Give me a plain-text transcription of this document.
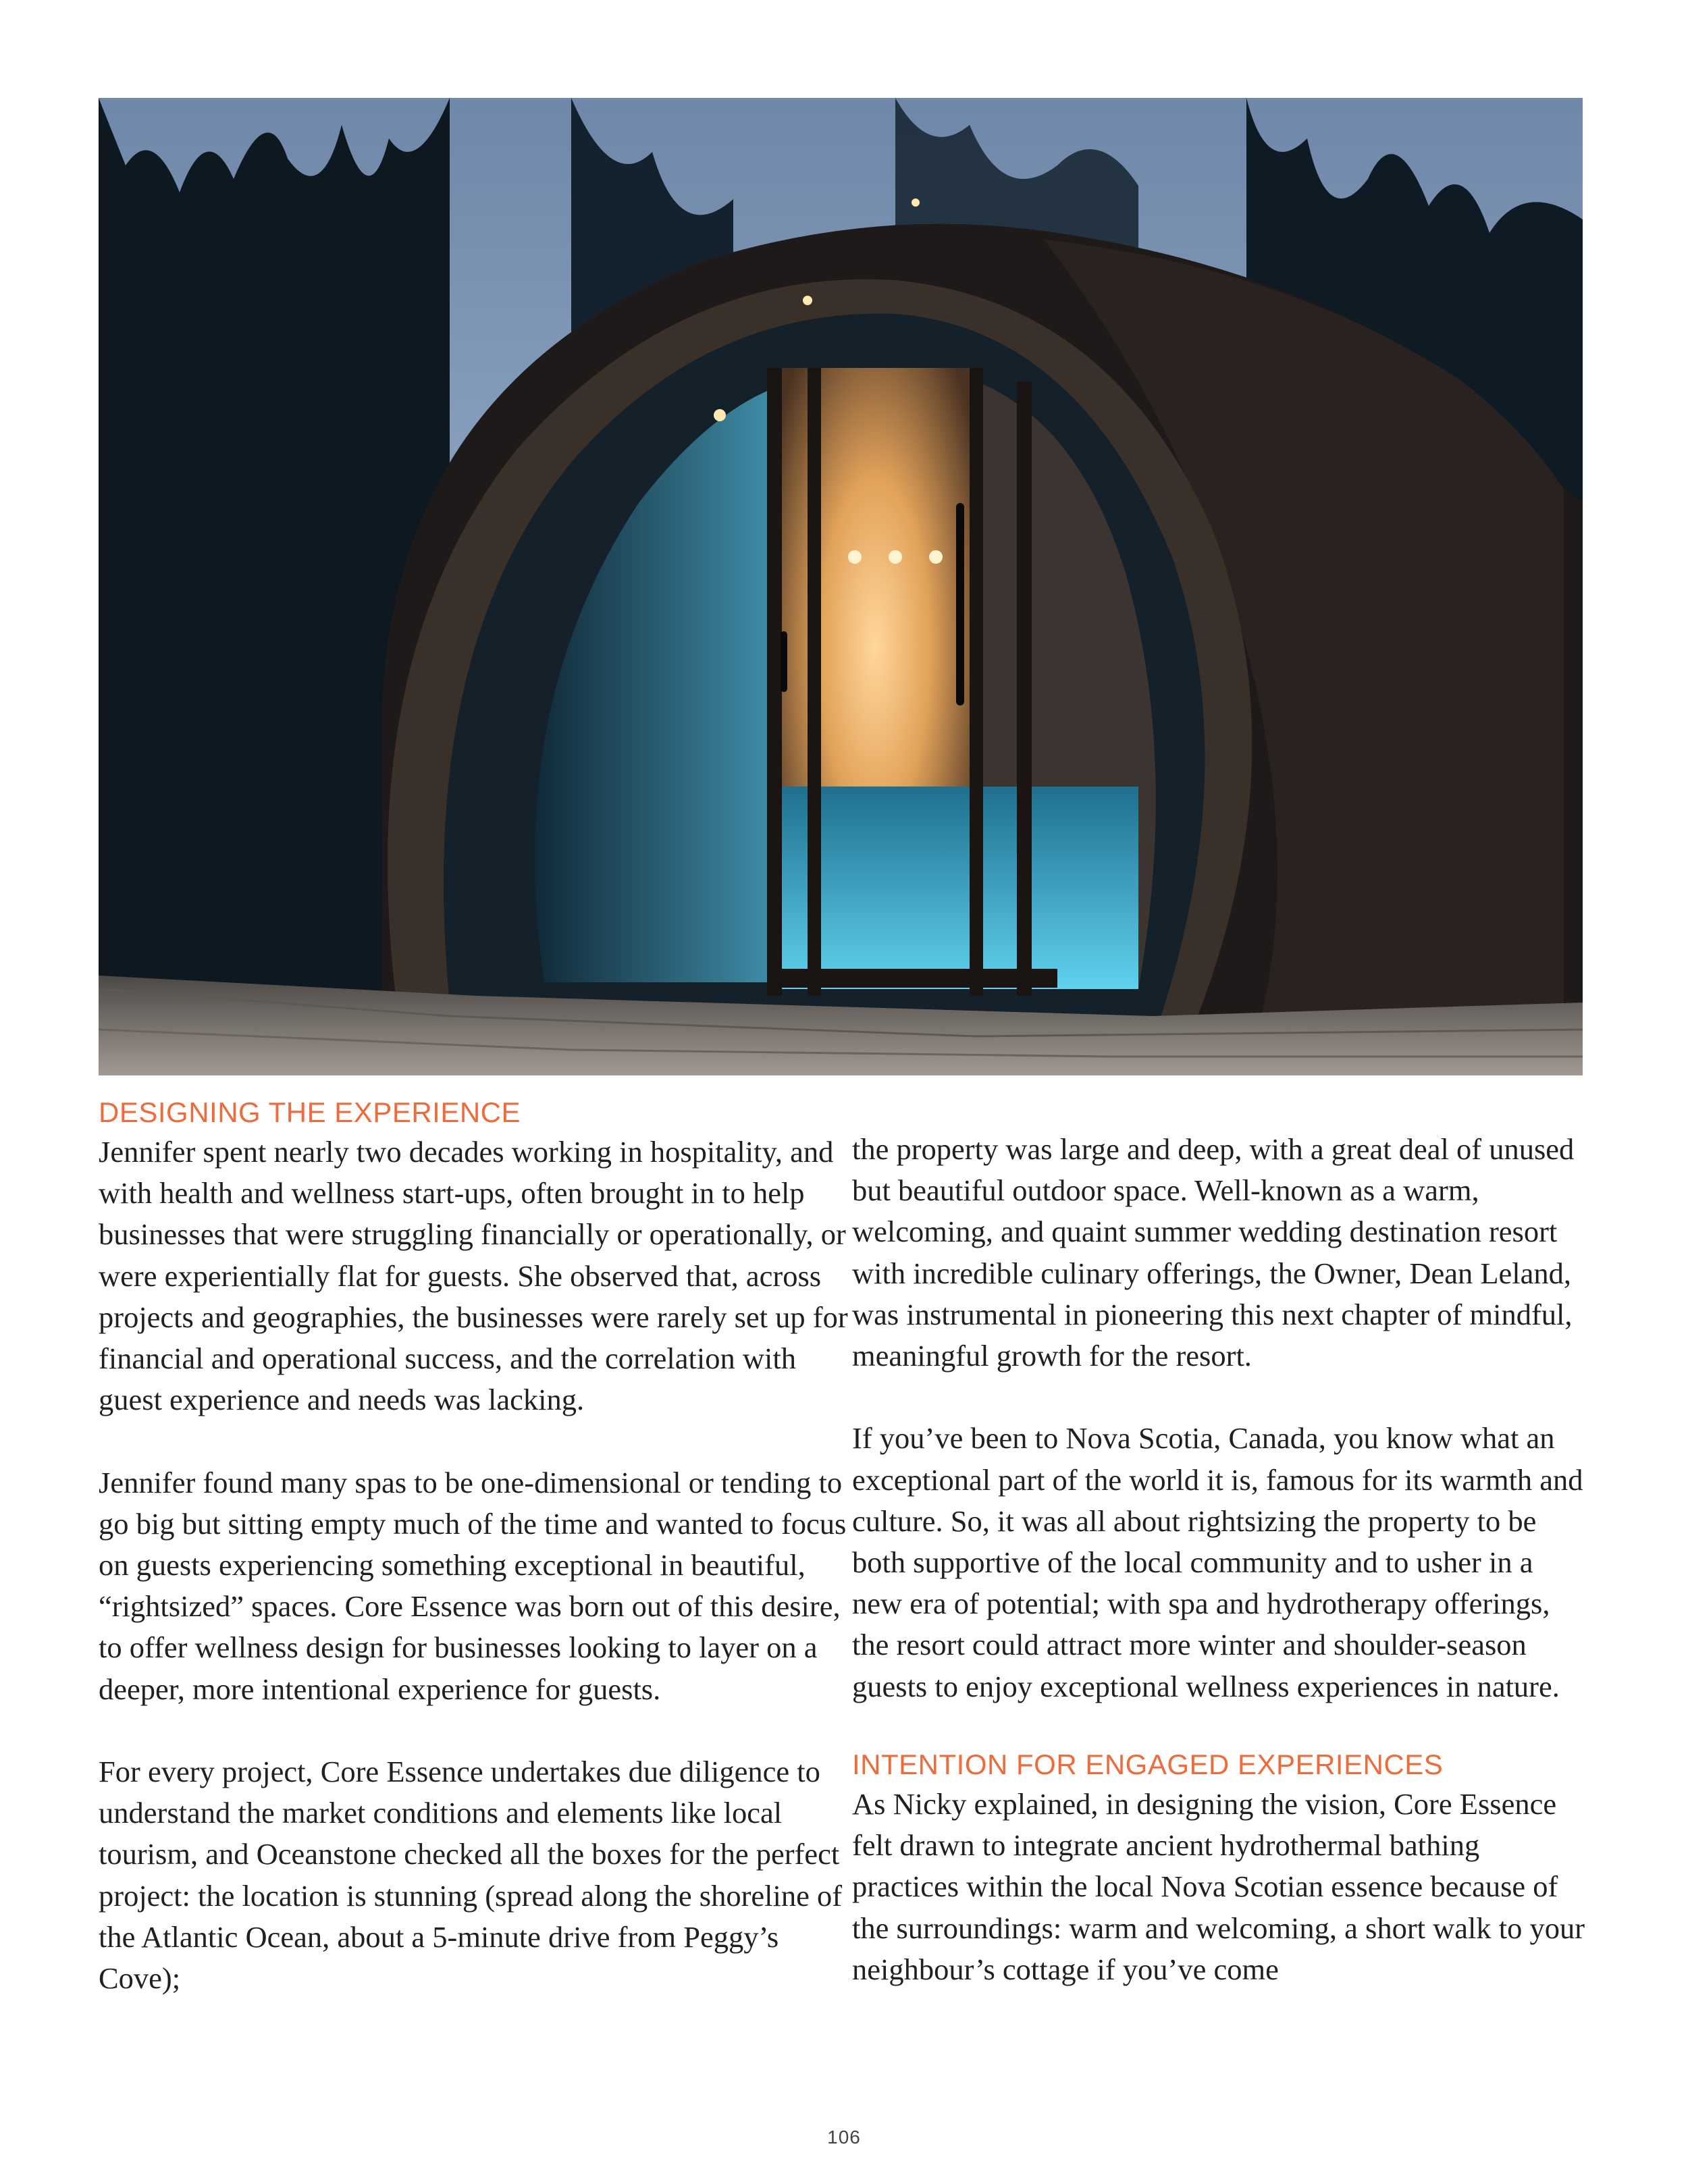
DESIGNING THE EXPERIENCE

Jennifer spent nearly two decades working in hospitality, and with health and wellness start-ups, often brought in to help businesses that were struggling financially or operationally, or were experientially flat for guests. She observed that, across projects and geographies, the businesses were rarely set up for financial and operational success, and the correlation with guest experience and needs was lacking.

Jennifer found many spas to be one-dimensional or tending to go big but sitting empty much of the time and wanted to focus on guests experiencing something exceptional in beautiful, “rightsized” spaces. Core Essence was born out of this desire, to offer wellness design for businesses looking to layer on a deeper, more intentional experience for guests.

For every project, Core Essence undertakes due diligence to understand the market conditions and elements like local tourism, and Oceanstone checked all the boxes for the perfect project: the location is stunning (spread along the shoreline of the Atlantic Ocean, about a 5-minute drive from Peggy’s Cove);

the property was large and deep, with a great deal of unused but beautiful outdoor space. Well-known as a warm, welcoming, and quaint summer wedding destination resort with incredible culinary offerings, the Owner, Dean Leland, was instrumental in pioneering this next chapter of mindful, meaningful growth for the resort.

If you’ve been to Nova Scotia, Canada, you know what an exceptional part of the world it is, famous for its warmth and culture. So, it was all about rightsizing the property to be both supportive of the local community and to usher in a new era of potential; with spa and hydrotherapy offerings, the resort could attract more winter and shoulder-season guests to enjoy exceptional wellness experiences in nature.

INTENTION FOR ENGAGED EXPERIENCES

As Nicky explained, in designing the vision, Core Essence felt drawn to integrate ancient hydrothermal bathing practices within the local Nova Scotian essence because of the surroundings: warm and welcoming, a short walk to your neighbour’s cottage if you’ve come

106
